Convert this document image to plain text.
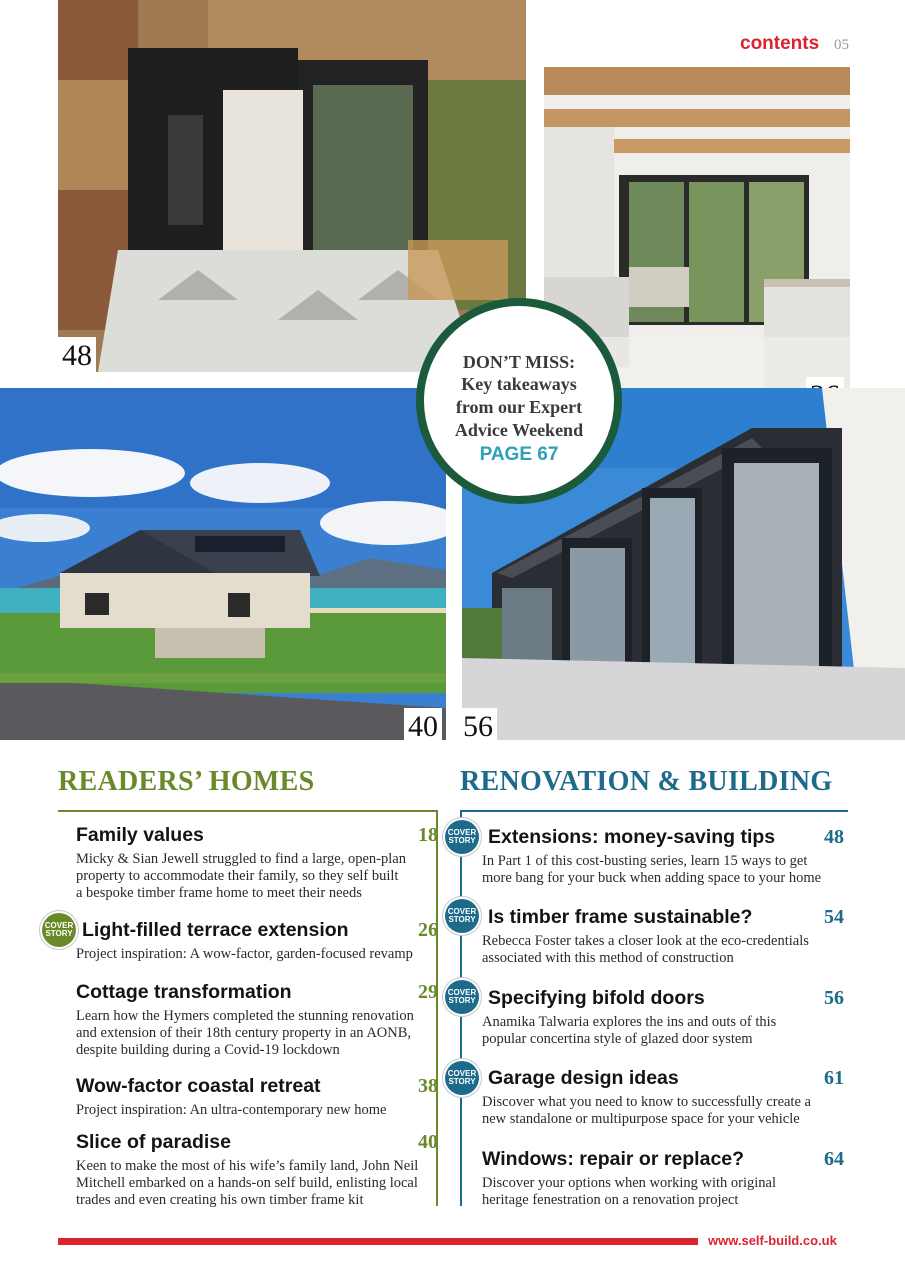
contents 05
48
40 56
DON’T MISS:
Key takeaways
from our Expert
Advice Weekend
PAGE 67
READERS’ HOMES	RENOVATION & BUILDING
Family values	18
Micky & Sian Jewell struggled to find a large, open-plan
property to accommodate their family, so they self built
a bespoke timber frame home to meet their needs
COVER
STORY Light-filled terrace extension	26
Project inspiration: A wow-factor, garden-focused revamp
Cottage transformation	29
Learn how the Hymers completed the stunning renovation
and extension of their 18th century property in an AONB,
despite building during a Covid-19 lockdown
Wow-factor coastal retreat	38
Project inspiration: An ultra-contemporary new home
Slice of paradise	40
Keen to make the most of his wife’s family land, John Neil
Mitchell embarked on a hands-on self build, enlisting local
trades and even creating his own timber frame kit
COVER
STORY Extensions: money-saving tips	48
In Part 1 of this cost-busting series, learn 15 ways to get
more bang for your buck when adding space to your home
COVER
STORY Is timber frame sustainable?	54
Rebecca Foster takes a closer look at the eco-credentials
associated with this method of construction
COVER
STORY Specifying bifold doors	56
Anamika Talwaria explores the ins and outs of this
popular concertina style of glazed door system
COVER
STORY Garage design ideas	61
Discover what you need to know to successfully create a
new standalone or multipurpose space for your vehicle
Windows: repair or replace?	64
Discover your options when working with original
heritage fenestration on a renovation project
www.self-build.co.uk
